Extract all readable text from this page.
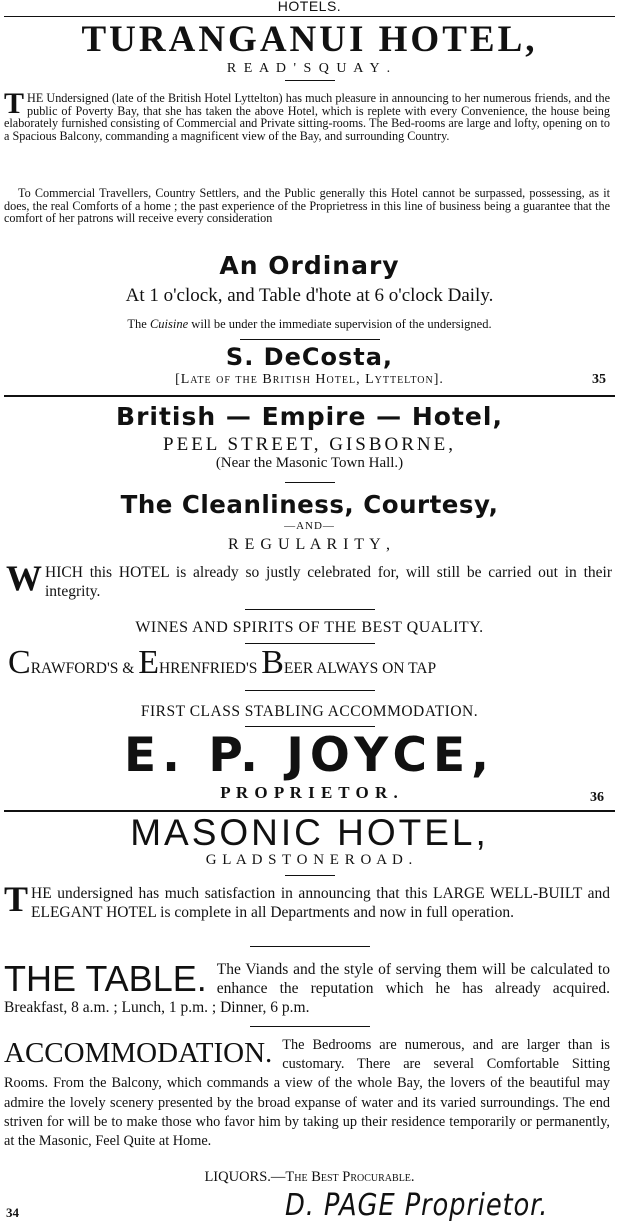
HOTELS.
TURANGANUI HOTEL,
R E A D ' S Q U A Y .
THE Undersigned (late of the British Hotel Lyttelton) has much pleasure in announcing to her numerous friends, and the public of Poverty Bay, that she has taken the above Hotel, which is replete with every Convenience, the house being elaborately furnished consisting of Commercial and Private sitting-rooms. The Bed-rooms are large and lofty, opening on to a Spacious Balcony, commanding a magnificent view of the Bay, and surrounding Country.
To Commercial Travellers, Country Settlers, and the Public generally this Hotel cannot be surpassed, possessing, as it does, the real Comforts of a home ; the past experience of the Proprietress in this line of business being a guarantee that the comfort of her patrons will receive every consideration
An Ordinary
At 1 o'clock, and Table d'hote at 6 o'clock Daily.
The Cuisine will be under the immediate supervision of the undersigned.
S. DeCosta,
[Late of the British Hotel, Lyttelton].	35
British — Empire — Hotel,
PEEL STREET, GISBORNE,
(Near the Masonic Town Hall.)
The Cleanliness, Courtesy,
—AND—
R E G U L A R I T Y ,
WHICH this HOTEL is already so justly celebrated for, will still be carried out in their integrity.
WINES AND SPIRITS OF THE BEST QUALITY.
CRAWFORD'S & EHRENFRIED'S BEER ALWAYS ON TAP
FIRST CLASS STABLING ACCOMMODATION.
E. P. JOYCE,
P R O P R I E T O R .	36
MASONIC HOTEL,
G L A D S T O N E R O A D .
THE undersigned has much satisfaction in announcing that this LARGE WELL-BUILT and ELEGANT HOTEL is complete in all Departments and now in full operation.
THE TABLE. The Viands and the style of serving them will be calculated to enhance the reputation which he has already acquired. Breakfast, 8 a.m. ; Lunch, 1 p.m. ; Dinner, 6 p.m.
ACCOMMODATION. The Bedrooms are numerous, and are larger than is customary. There are several Comfortable Sitting Rooms. From the Balcony, which commands a view of the whole Bay, the lovers of the beautiful may admire the lovely scenery presented by the broad expanse of water and its varied surroundings. The end striven for will be to make those who favor him by taking up their residence temporarily or permanently, at the Masonic, Feel Quite at Home.
LIQUORS.—The Best Procurable.
34	D. PAGE Proprietor.
